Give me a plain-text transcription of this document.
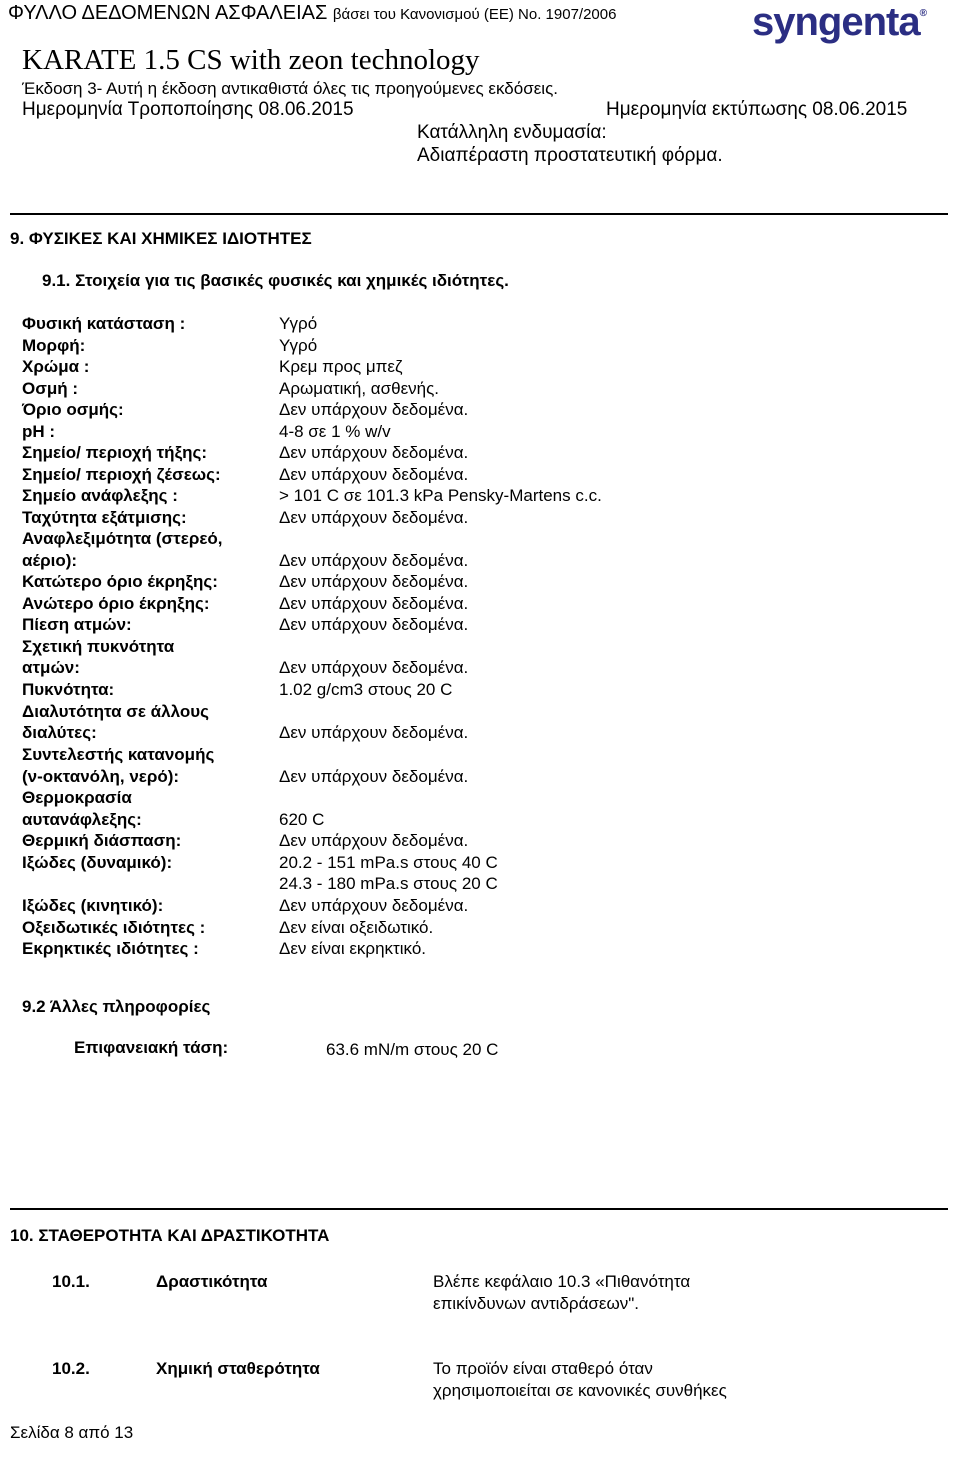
ΦΥΛΛΟ ΔΕΔΟΜΕΝΩΝ ΑΣΦΑΛΕΙΑΣ βάσει του Κανονισμού (ΕΕ) No. 1907/2006	syngenta®
KARATE 1.5 CS with zeon technology
Έκδοση 3- Αυτή η έκδοση αντικαθιστά όλες τις προηγούμενες εκδόσεις.
Ημερομηνία Τροποποίησης 08.06.2015	Ημερομηνία εκτύπωσης 08.06.2015
Κατάλληλη ενδυμασία:
Αδιαπέραστη προστατευτική φόρμα.
9. ΦΥΣΙΚΕΣ ΚΑΙ ΧΗΜΙΚΕΣ ΙΔΙΟΤΗΤΕΣ
9.1. Στοιχεία για τις βασικές φυσικές και χημικές ιδιότητες.
Φυσική κατάσταση :	Υγρό
Μορφή:	Υγρό
Χρώμα :	Κρεμ προς μπεζ
Οσμή :	Αρωματική, ασθενής.
Όριο οσμής:	Δεν υπάρχουν δεδομένα.
pH :	4-8 σε 1 % w/v
Σημείο/ περιοχή τήξης:	Δεν υπάρχουν δεδομένα.
Σημείο/ περιοχή ζέσεως:	Δεν υπάρχουν δεδομένα.
Σημείο ανάφλεξης :	> 101 C σε 101.3 kPa Pensky-Martens c.c.
Ταχύτητα εξάτμισης:	Δεν υπάρχουν δεδομένα.
Αναφλεξιμότητα (στερεό,
αέριο):	Δεν υπάρχουν δεδομένα.
Κατώτερο όριο έκρηξης:	Δεν υπάρχουν δεδομένα.
Ανώτερο όριο έκρηξης:	Δεν υπάρχουν δεδομένα.
Πίεση ατμών:	Δεν υπάρχουν δεδομένα.
Σχετική πυκνότητα
ατμών:	Δεν υπάρχουν δεδομένα.
Πυκνότητα:	1.02 g/cm3 στους 20 C
Διαλυτότητα σε άλλους
διαλύτες:	Δεν υπάρχουν δεδομένα.
Συντελεστής κατανομής
(ν-οκτανόλη, νερό):	Δεν υπάρχουν δεδομένα.
Θερμοκρασία
αυτανάφλεξης:	620 C
Θερμική διάσπαση:	Δεν υπάρχουν δεδομένα.
Ιξώδες (δυναμικό):	20.2 - 151 mPa.s στους 40 C
24.3 - 180 mPa.s στους 20 C
Ιξώδες (κινητικό):	Δεν υπάρχουν δεδομένα.
Οξειδωτικές ιδιότητες :	Δεν είναι οξειδωτικό.
Εκρηκτικές ιδιότητες :	Δεν είναι εκρηκτικό.
9.2 Άλλες πληροφορίες
Επιφανειακή τάση:	63.6 mN/m στους 20 C
10. ΣΤΑΘΕΡΟΤΗΤΑ ΚΑΙ ΔΡΑΣΤΙΚΟΤΗΤΑ
10.1.	Δραστικότητα	Βλέπε κεφάλαιο 10.3 «Πιθανότητα
επικίνδυνων αντιδράσεων".
10.2.	Χημική σταθερότητα	Το προϊόν είναι σταθερό όταν
χρησιμοποιείται σε κανονικές συνθήκες
Σελίδα 8 από 13
